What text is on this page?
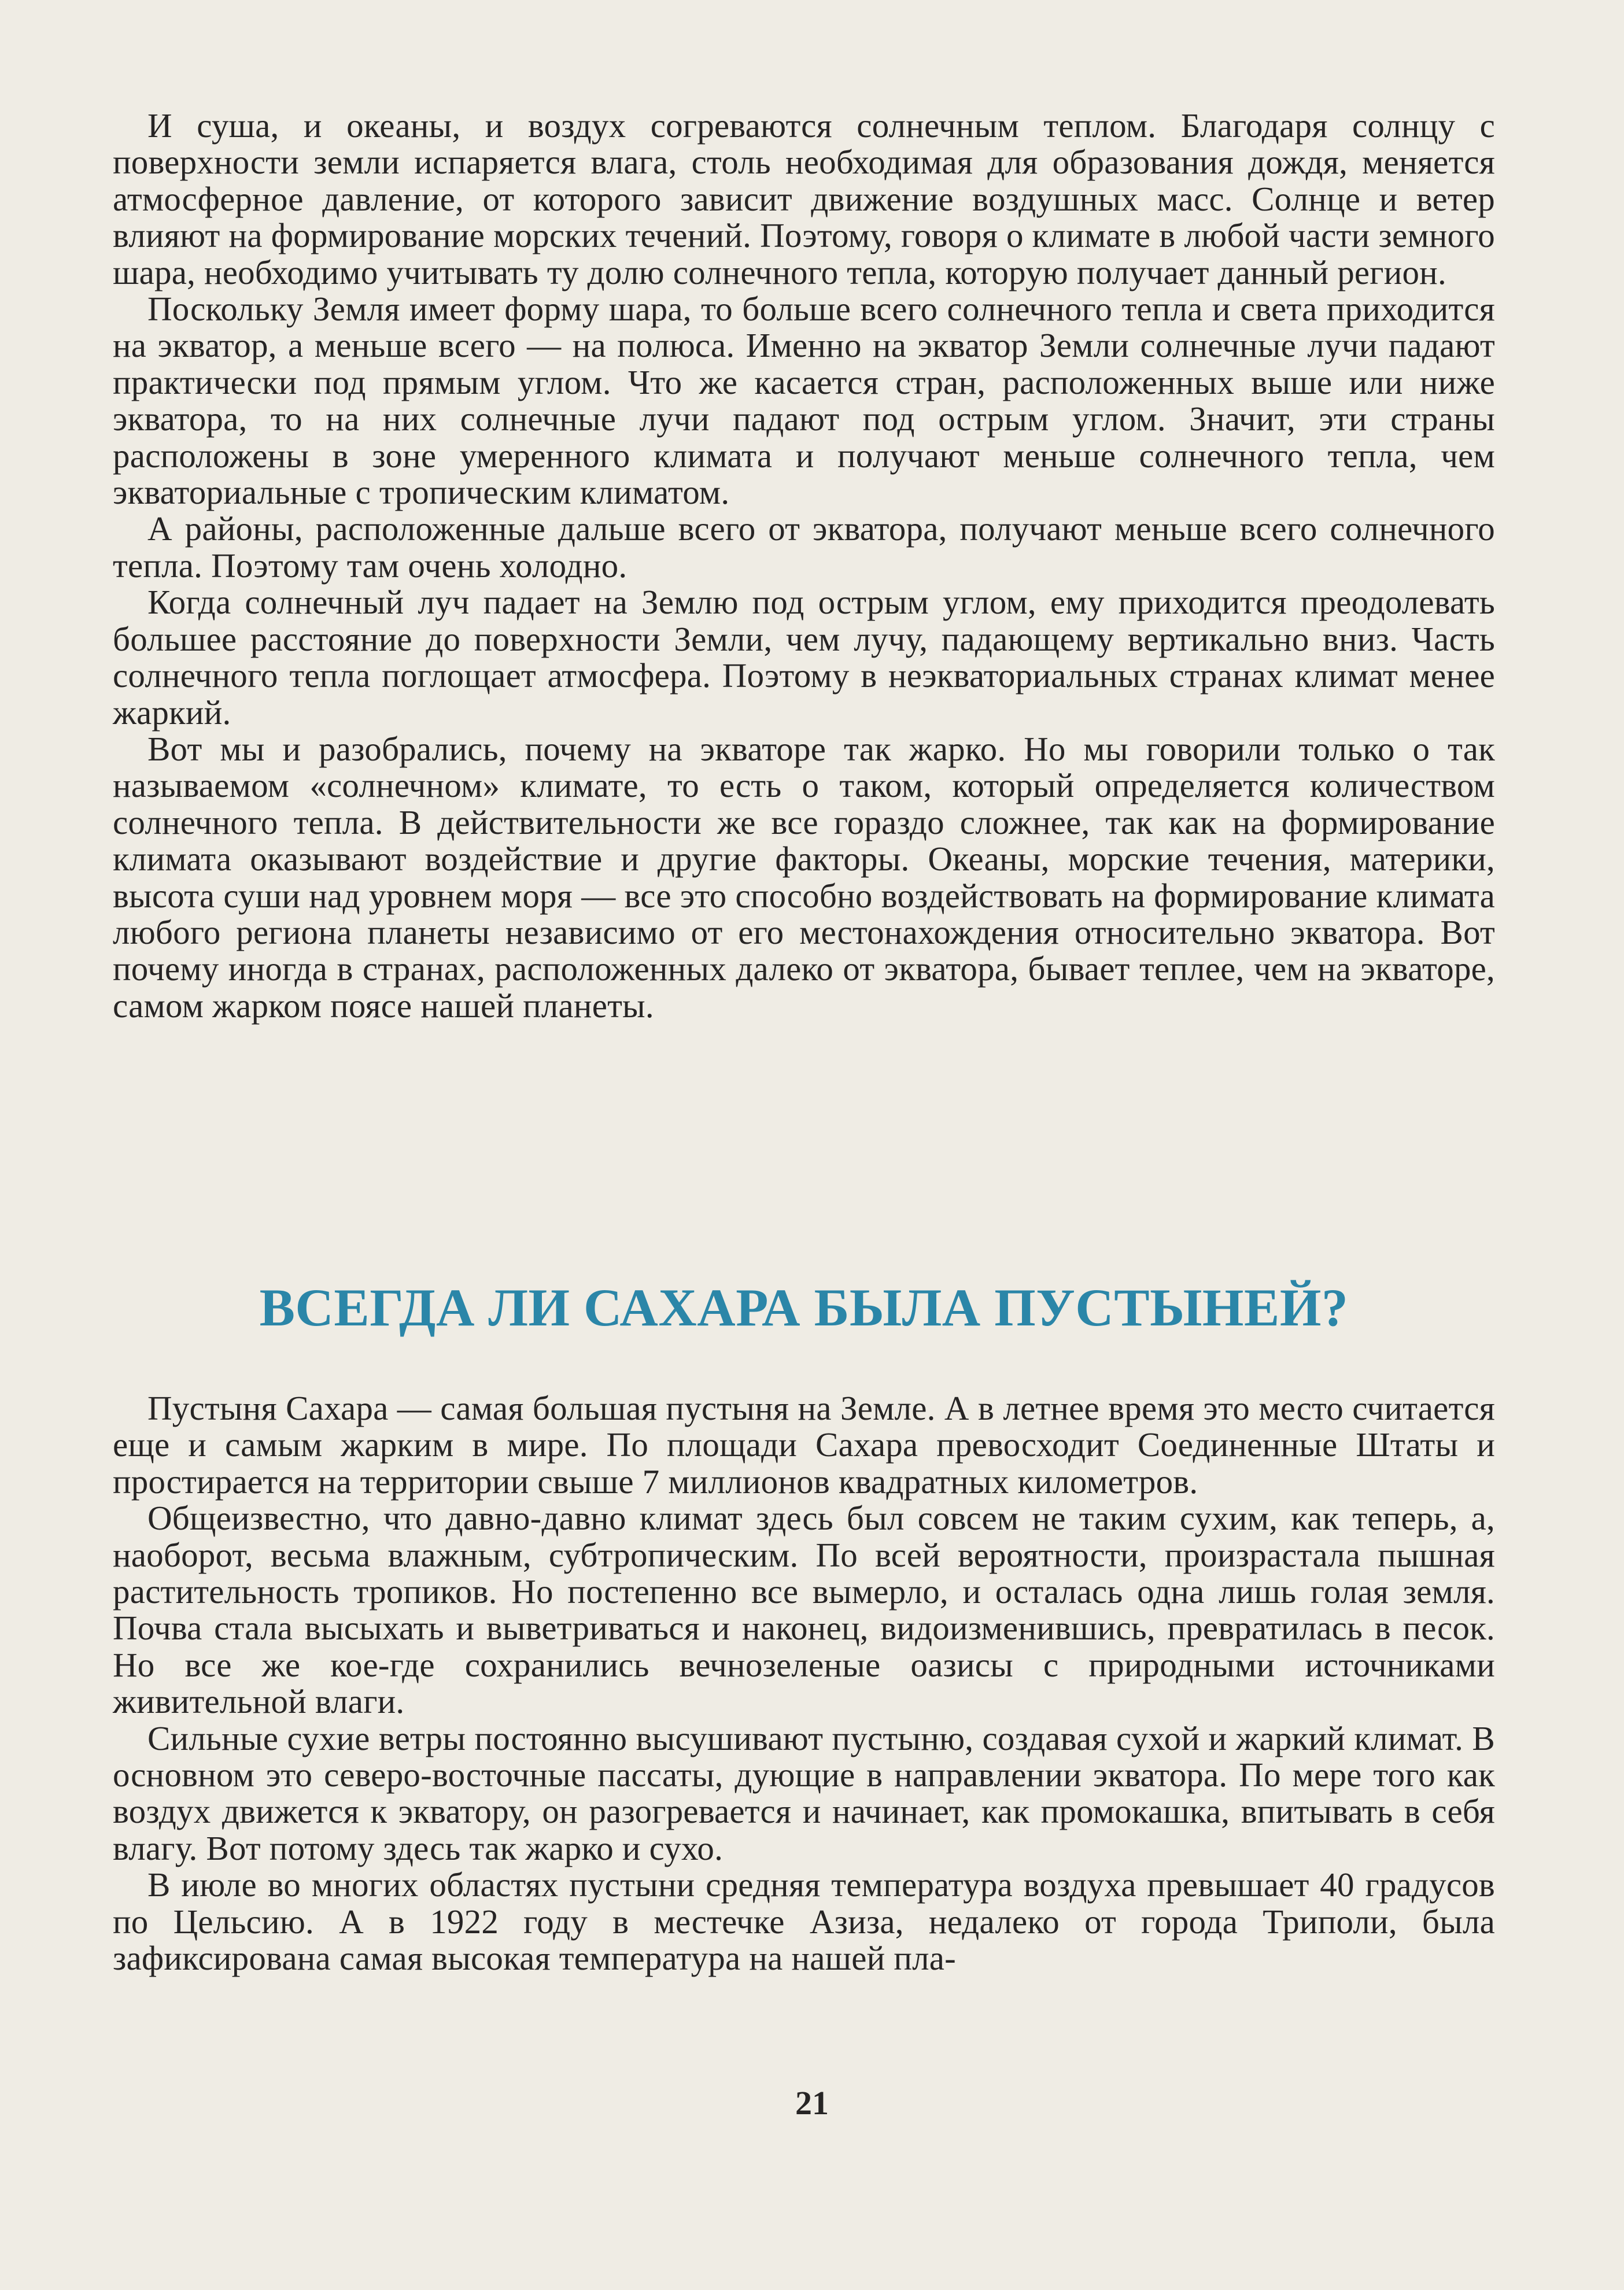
И суша, и океаны, и воздух согреваются солнечным теплом. Благодаря солнцу с поверхности земли испаряется влага, столь необходимая для образования дождя, меняется атмосферное давление, от которого зависит движение воздушных масс. Солнце и ветер влияют на формирование морских течений. Поэтому, говоря о климате в любой части земного шара, необходимо учитывать ту долю солнечного тепла, которую получает данный регион.

Поскольку Земля имеет форму шара, то больше всего солнечного тепла и света приходится на экватор, а меньше всего — на полюса. Именно на экватор Земли солнечные лучи падают практически под прямым углом. Что же касается стран, расположенных выше или ниже экватора, то на них солнечные лучи падают под острым углом. Значит, эти страны расположены в зоне умеренного климата и получают меньше солнечного тепла, чем экваториальные с тропическим климатом.

А районы, расположенные дальше всего от экватора, получают меньше всего солнечного тепла. Поэтому там очень холодно.

Когда солнечный луч падает на Землю под острым углом, ему приходится преодолевать большее расстояние до поверхности Земли, чем лучу, падающему вертикально вниз. Часть солнечного тепла поглощает атмосфера. Поэтому в неэкваториальных странах климат менее жаркий.

Вот мы и разобрались, почему на экваторе так жарко. Но мы говорили только о так называемом «солнечном» климате, то есть о таком, который определяется количеством солнечного тепла. В действительности же все гораздо сложнее, так как на формирование климата оказывают воздействие и другие факторы. Океаны, морские течения, материки, высота суши над уровнем моря — все это способно воздействовать на формирование климата любого региона планеты независимо от его местонахождения относительно экватора. Вот почему иногда в странах, расположенных далеко от экватора, бывает теплее, чем на экваторе, самом жарком поясе нашей планеты.

ВСЕГДА ЛИ САХАРА БЫЛА ПУСТЫНЕЙ?

Пустыня Сахара — самая большая пустыня на Земле. А в летнее время это место считается еще и самым жарким в мире. По площади Сахара превосходит Соединенные Штаты и простирается на территории свыше 7 миллионов квадратных километров.

Общеизвестно, что давно-давно климат здесь был совсем не таким сухим, как теперь, а, наоборот, весьма влажным, субтропическим. По всей вероятности, произрастала пышная растительность тропиков. Но постепенно все вымерло, и осталась одна лишь голая земля. Почва стала высыхать и выветриваться и наконец, видоизменившись, превратилась в песок. Но все же кое-где сохранились вечнозеленые оазисы с природными источниками живительной влаги.

Сильные сухие ветры постоянно высушивают пустыню, создавая сухой и жаркий климат. В основном это северо-восточные пассаты, дующие в направлении экватора. По мере того как воздух движется к экватору, он разогревается и начинает, как промокашка, впитывать в себя влагу. Вот потому здесь так жарко и сухо.

В июле во многих областях пустыни средняя температура воздуха превышает 40 градусов по Цельсию. А в 1922 году в местечке Азиза, недалеко от города Триполи, была зафиксирована самая высокая температура на нашей пла-

21
